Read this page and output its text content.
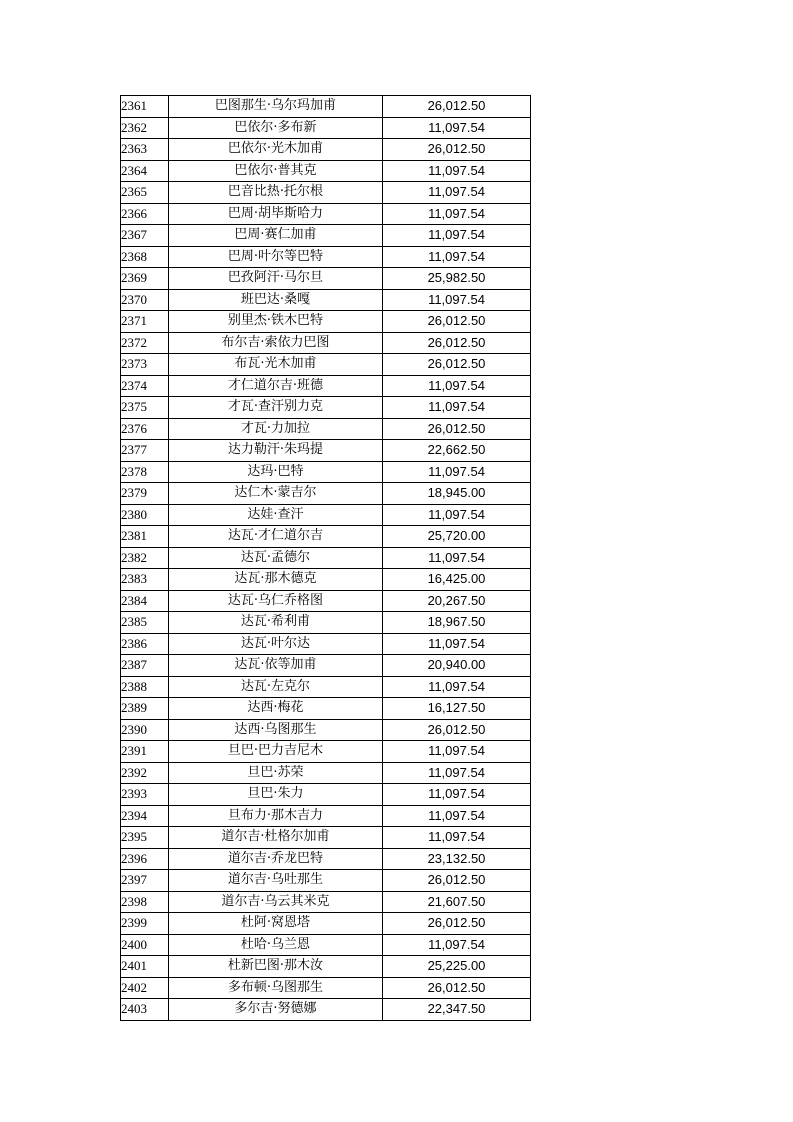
2361	巴图那生·乌尔玛加甫	26,012.50
2362	巴依尔·多布新	11,097.54
2363	巴依尔·光木加甫	26,012.50
2364	巴依尔·普其克	11,097.54
2365	巴音比热·托尔根	11,097.54
2366	巴周·胡毕斯哈力	11,097.54
2367	巴周·赛仁加甫	11,097.54
2368	巴周·叶尔等巴特	11,097.54
2369	巴孜阿汗·马尔旦	25,982.50
2370	班巴达·桑嘎	11,097.54
2371	别里杰·铁木巴特	26,012.50
2372	布尔吉·索依力巴图	26,012.50
2373	布瓦·光木加甫	26,012.50
2374	才仁道尔吉·班德	11,097.54
2375	才瓦·查汗别力克	11,097.54
2376	才瓦·力加拉	26,012.50
2377	达力勒汗·朱玛提	22,662.50
2378	达玛·巴特	11,097.54
2379	达仁木·蒙吉尔	18,945.00
2380	达娃·查汗	11,097.54
2381	达瓦·才仁道尔吉	25,720.00
2382	达瓦·孟德尔	11,097.54
2383	达瓦·那木德克	16,425.00
2384	达瓦·乌仁乔格图	20,267.50
2385	达瓦·希利甫	18,967.50
2386	达瓦·叶尔达	11,097.54
2387	达瓦·依等加甫	20,940.00
2388	达瓦·左克尔	11,097.54
2389	达西·梅花	16,127.50
2390	达西·乌图那生	26,012.50
2391	旦巴·巴力吉尼木	11,097.54
2392	旦巴·苏荣	11,097.54
2393	旦巴·朱力	11,097.54
2394	旦布力·那木吉力	11,097.54
2395	道尔吉·杜格尔加甫	11,097.54
2396	道尔吉·乔龙巴特	23,132.50
2397	道尔吉·乌吐那生	26,012.50
2398	道尔吉·乌云其米克	21,607.50
2399	杜阿·窝恩塔	26,012.50
2400	杜哈·乌兰恩	11,097.54
2401	杜新巴图·那木汝	25,225.00
2402	多布顿·乌图那生	26,012.50
2403	多尔吉·努德娜	22,347.50
